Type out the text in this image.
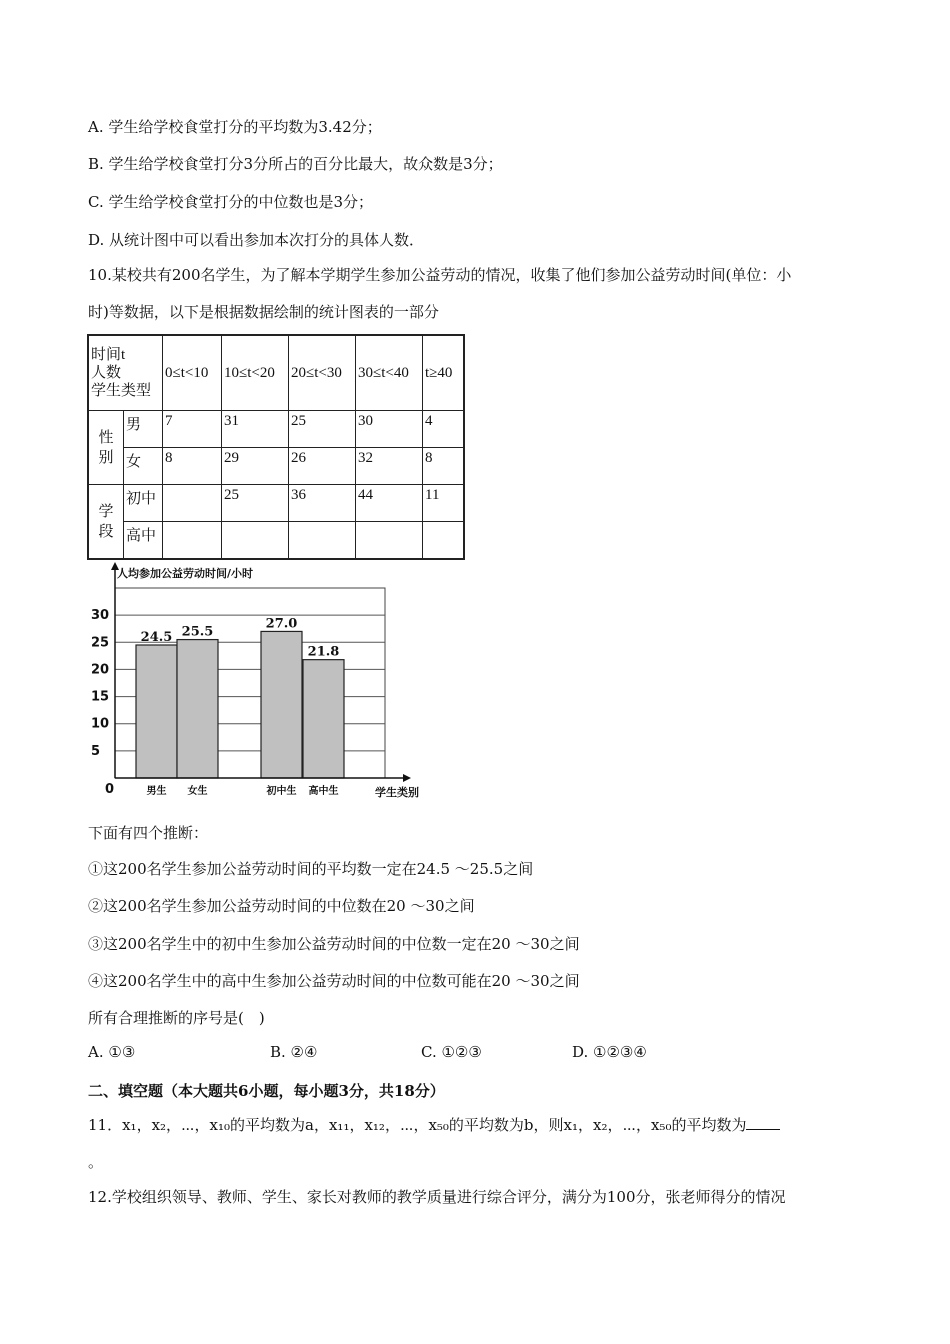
A. 学生给学校食堂打分的平均数为3.42分；
B. 学生给学校食堂打分3分所占的百分比最大，故众数是3分；
C. 学生给学校食堂打分的中位数也是3分；
D. 从统计图中可以看出参加本次打分的具体人数．
10.某校共有200名学生，为了解本学期学生参加公益劳动的情况，收集了他们参加公益劳动时间(单位：小
时)等数据，以下是根据数据绘制的统计图表的一部分
时间t
人数
学生类型		0≤t<10	10≤t<20	20≤t<30	30≤t<40	t≥40
性别	男	7	31	25	30	4
	女	8	29	26	32	8
学段	初中		25	36	44	11
	高中					
24.5 25.5
27.0
21.8
0
5
10
15
20
25
30
男生 女生	初中生 高中生
人均参加公益劳动时间/小时
学生类别
下面有四个推断：
①这200名学生参加公益劳动时间的平均数一定在24.5 ～25.5之间
②这200名学生参加公益劳动时间的中位数在20 ～30之间
③这200名学生中的初中生参加公益劳动时间的中位数一定在20 ～30之间
④这200名学生中的高中生参加公益劳动时间的中位数可能在20 ～30之间
所有合理推断的序号是(　)
A. ①③	B. ②④	C. ①②③	D. ①②③④
二、填空题（本大题共6小题，每小题3分，共18分）
11．x₁，x₂，⋯，x₁₀的平均数为a，x₁₁，x₁₂，⋯，x₅₀的平均数为b，则x₁，x₂，⋯，x₅₀的平均数为
。
12.学校组织领导、教师、学生、家长对教师的教学质量进行综合评分，满分为100分，张老师得分的情况
